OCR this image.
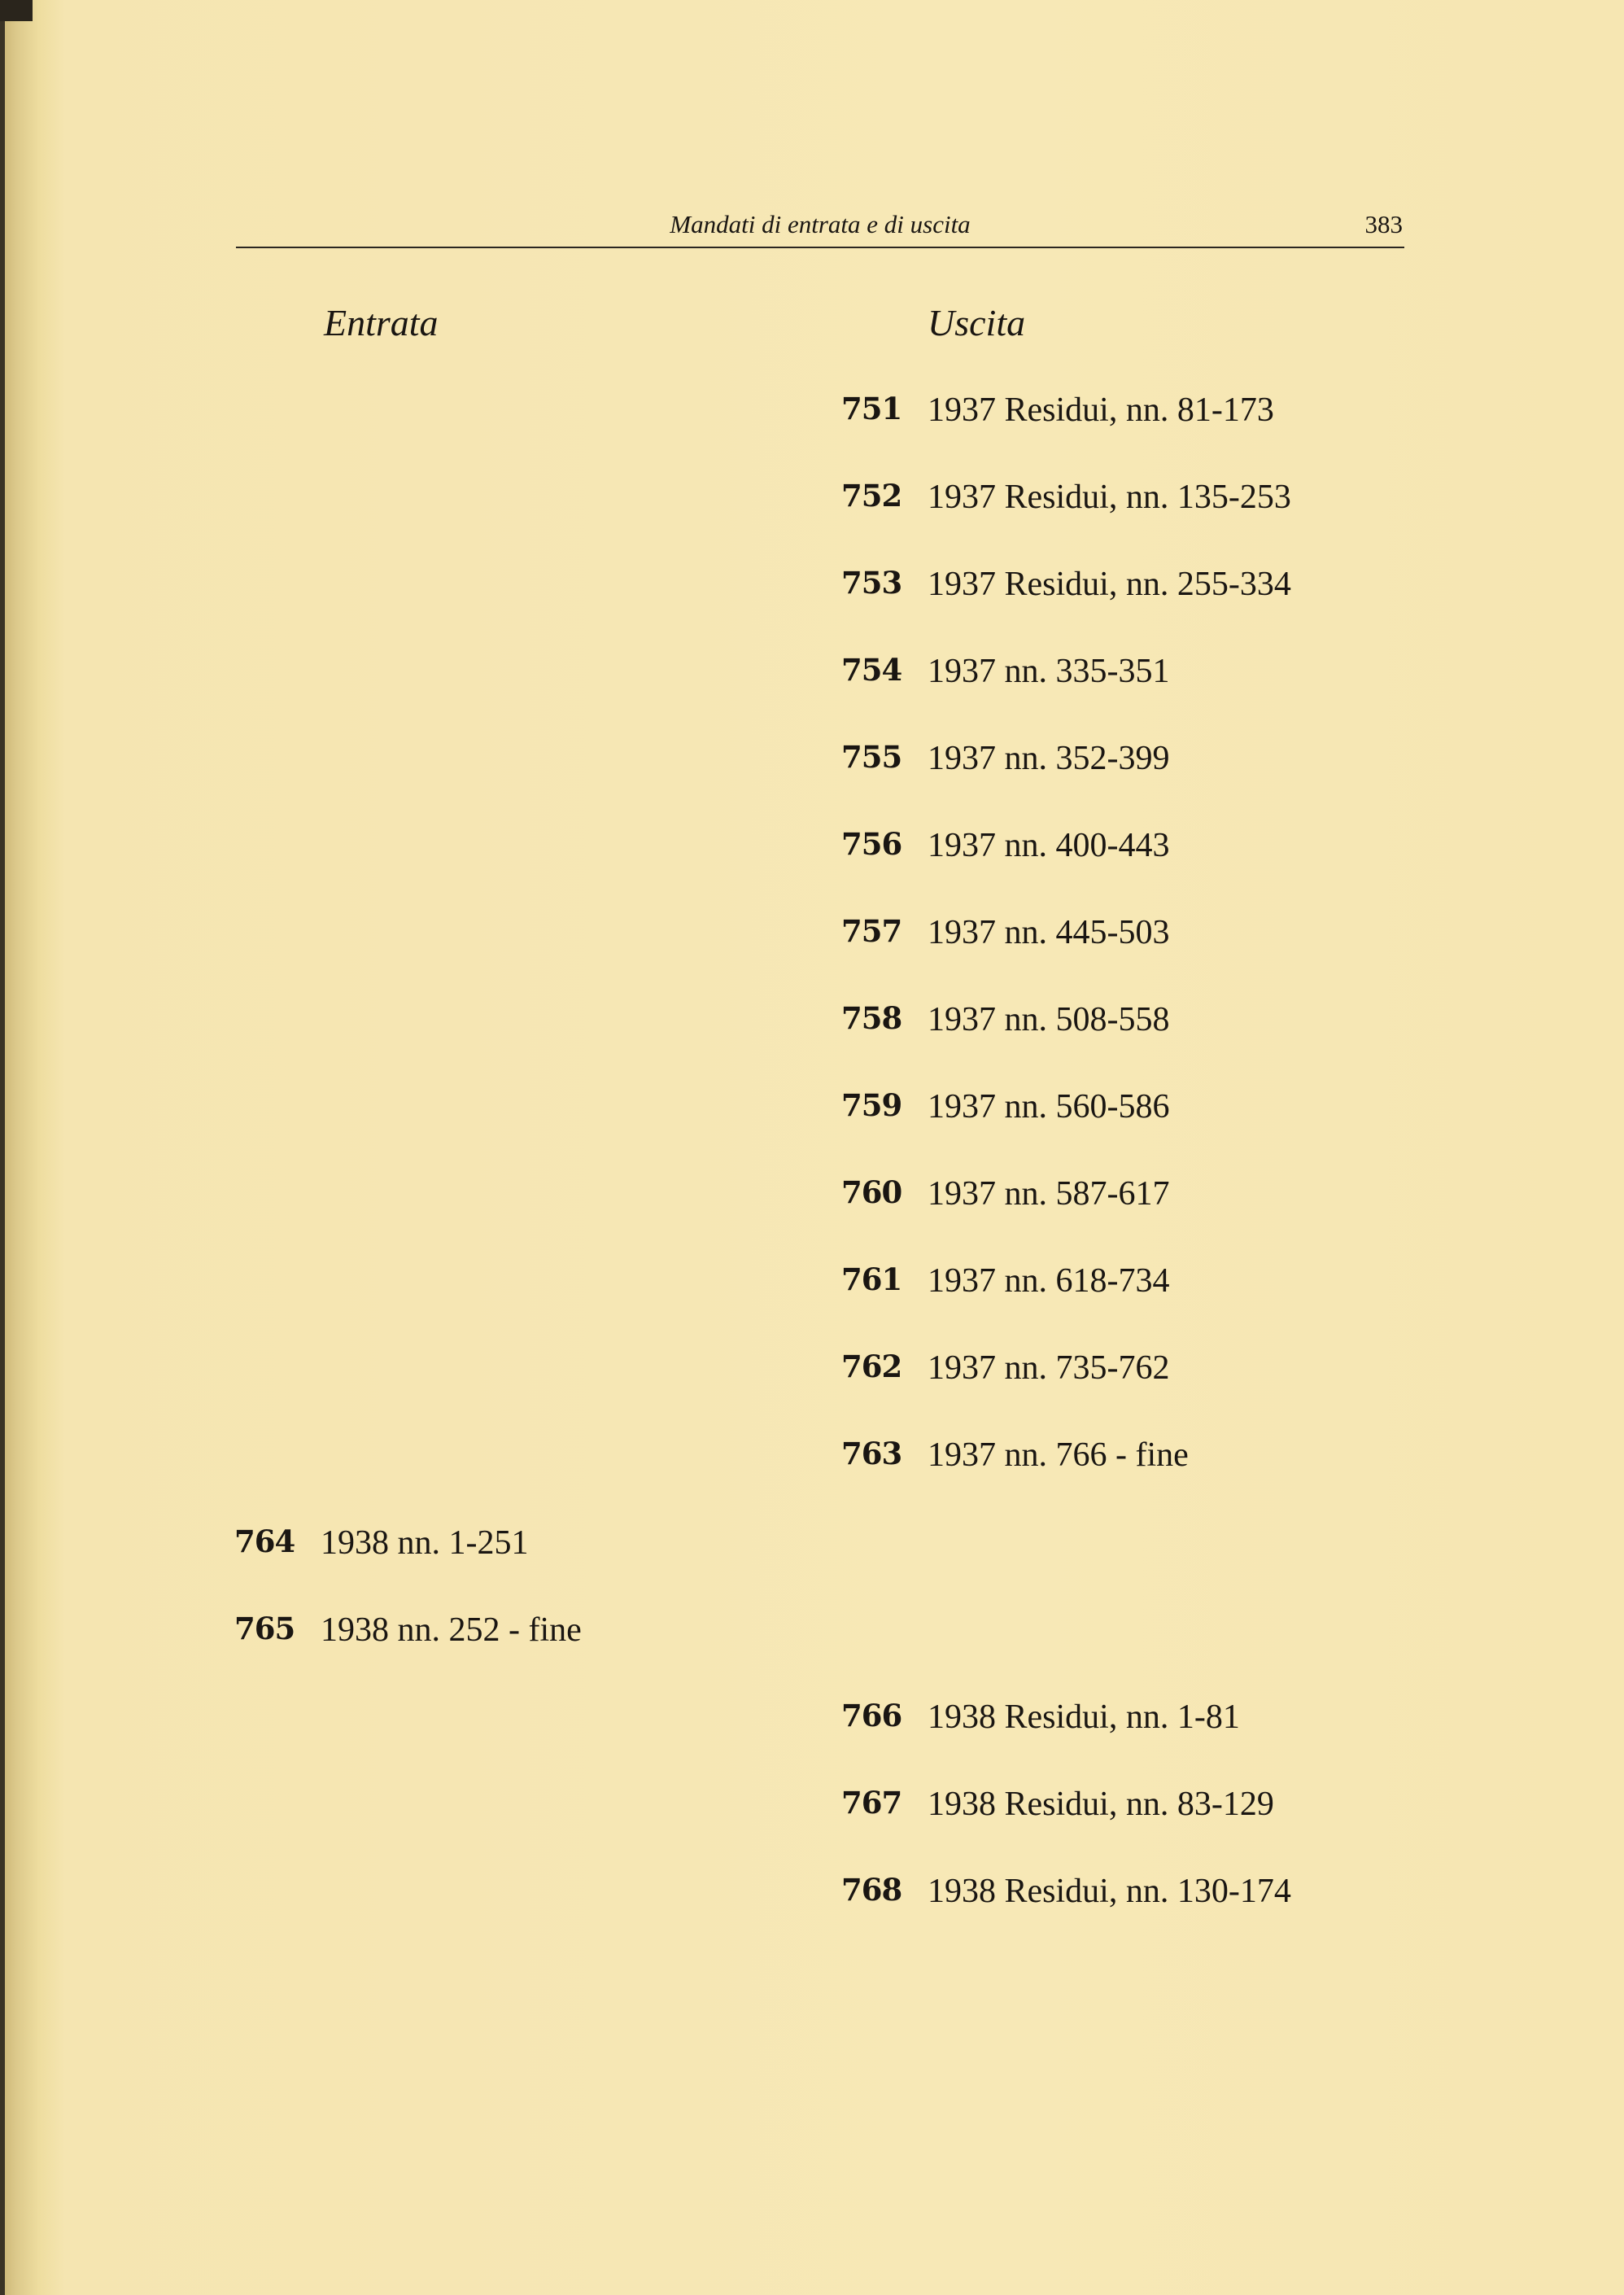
Mandati di entrata e di uscita	383
Entrata	Uscita
751 1937 Residui, nn. 81-173
752 1937 Residui, nn. 135-253
753 1937 Residui, nn. 255-334
754 1937 nn. 335-351
755 1937 nn. 352-399
756 1937 nn. 400-443
757 1937 nn. 445-503
758 1937 nn. 508-558
759 1937 nn. 560-586
760 1937 nn. 587-617
761 1937 nn. 618-734
762 1937 nn. 735-762
763 1937 nn. 766 - fine
764 1938 nn. 1-251
765 1938 nn. 252 - fine
766 1938 Residui, nn. 1-81
767 1938 Residui, nn. 83-129
768 1938 Residui, nn. 130-174
